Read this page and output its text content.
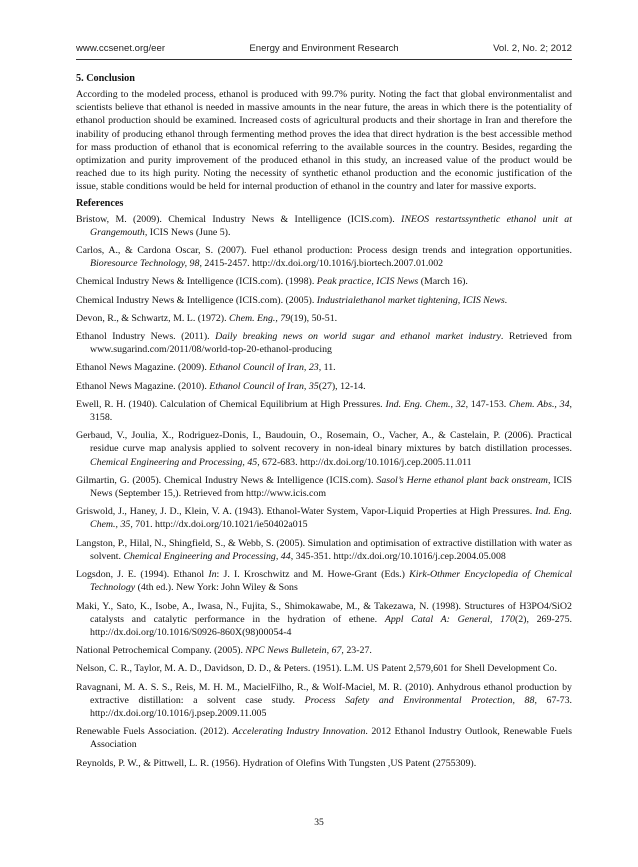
www.ccsenet.org/eer	Energy and Environment Research	Vol. 2, No. 2; 2012
5. Conclusion

According to the modeled process, ethanol is produced with 99.7% purity. Noting the fact that global environmentalist and scientists believe that ethanol is needed in massive amounts in the near future, the areas in which there is the potentiality of ethanol production should be examined. Increased costs of agricultural products and their shortage in Iran and therefore the inability of producing ethanol through fermenting method proves the idea that direct hydration is the best accessible method for mass production of ethanol that is economical referring to the available sources in the country. Besides, regarding the optimization and purity improvement of the produced ethanol in this study, an increased value of the product would be reached due to its high purity. Noting the necessity of synthetic ethanol production and the economic justification of the issue, stable conditions would be held for internal production of ethanol in the country and later for massive exports.

References

Bristow, M. (2009). Chemical Industry News & Intelligence (ICIS.com). INEOS restartssynthetic ethanol unit at Grangemouth, ICIS News (June 5).

Carlos, A., & Cardona Oscar, S. (2007). Fuel ethanol production: Process design trends and integration opportunities. Bioresource Technology, 98, 2415-2457. http://dx.doi.org/10.1016/j.biortech.2007.01.002

Chemical Industry News & Intelligence (ICIS.com). (1998). Peak practice, ICIS News (March 16).

Chemical Industry News & Intelligence (ICIS.com). (2005). Industrialethanol market tightening, ICIS News.

Devon, R., & Schwartz, M. L. (1972). Chem. Eng., 79(19), 50-51.

Ethanol Industry News. (2011). Daily breaking news on world sugar and ethanol market industry. Retrieved from www.sugarind.com/2011/08/world-top-20-ethanol-producing

Ethanol News Magazine. (2009). Ethanol Council of Iran, 23, 11.

Ethanol News Magazine. (2010). Ethanol Council of Iran, 35(27), 12-14.

Ewell, R. H. (1940). Calculation of Chemical Equilibrium at High Pressures. Ind. Eng. Chem., 32, 147-153. Chem. Abs., 34, 3158.

Gerbaud, V., Joulia, X., Rodriguez-Donis, I., Baudouin, O., Rosemain, O., Vacher, A., & Castelain, P. (2006). Practical residue curve map analysis applied to solvent recovery in non-ideal binary mixtures by batch distillation processes. Chemical Engineering and Processing, 45, 672-683. http://dx.doi.org/10.1016/j.cep.2005.11.011

Gilmartin, G. (2005). Chemical Industry News & Intelligence (ICIS.com). Sasol’s Herne ethanol plant back onstream, ICIS News (September 15,). Retrieved from http://www.icis.com

Griswold, J., Haney, J. D., Klein, V. A. (1943). Ethanol-Water System, Vapor-Liquid Properties at High Pressures. Ind. Eng. Chem., 35, 701. http://dx.doi.org/10.1021/ie50402a015

Langston, P., Hilal, N., Shingfield, S., & Webb, S. (2005). Simulation and optimisation of extractive distillation with water as solvent. Chemical Engineering and Processing, 44, 345-351. http://dx.doi.org/10.1016/j.cep.2004.05.008

Logsdon, J. E. (1994). Ethanol In: J. I. Kroschwitz and M. Howe-Grant (Eds.) Kirk-Othmer Encyclopedia of Chemical Technology (4th ed.). New York: John Wiley & Sons

Maki, Y., Sato, K., Isobe, A., Iwasa, N., Fujita, S., Shimokawabe, M., & Takezawa, N. (1998). Structures of H3PO4/SiO2 catalysts and catalytic performance in the hydration of ethene. Appl Catal A: General, 170(2), 269-275. http://dx.doi.org/10.1016/S0926-860X(98)00054-4

National Petrochemical Company. (2005). NPC News Bulletein, 67, 23-27.

Nelson, C. R., Taylor, M. A. D., Davidson, D. D., & Peters. (1951). L.M. US Patent 2,579,601 for Shell Development Co.

Ravagnani, M. A. S. S., Reis, M. H. M., MacielFilho, R., & Wolf-Maciel, M. R. (2010). Anhydrous ethanol production by extractive distillation: a solvent case study. Process Safety and Environmental Protection, 88, 67-73. http://dx.doi.org/10.1016/j.psep.2009.11.005

Renewable Fuels Association. (2012). Accelerating Industry Innovation. 2012 Ethanol Industry Outlook, Renewable Fuels Association

Reynolds, P. W., & Pittwell, L. R. (1956). Hydration of Olefins With Tungsten ,US Patent (2755309).

35
